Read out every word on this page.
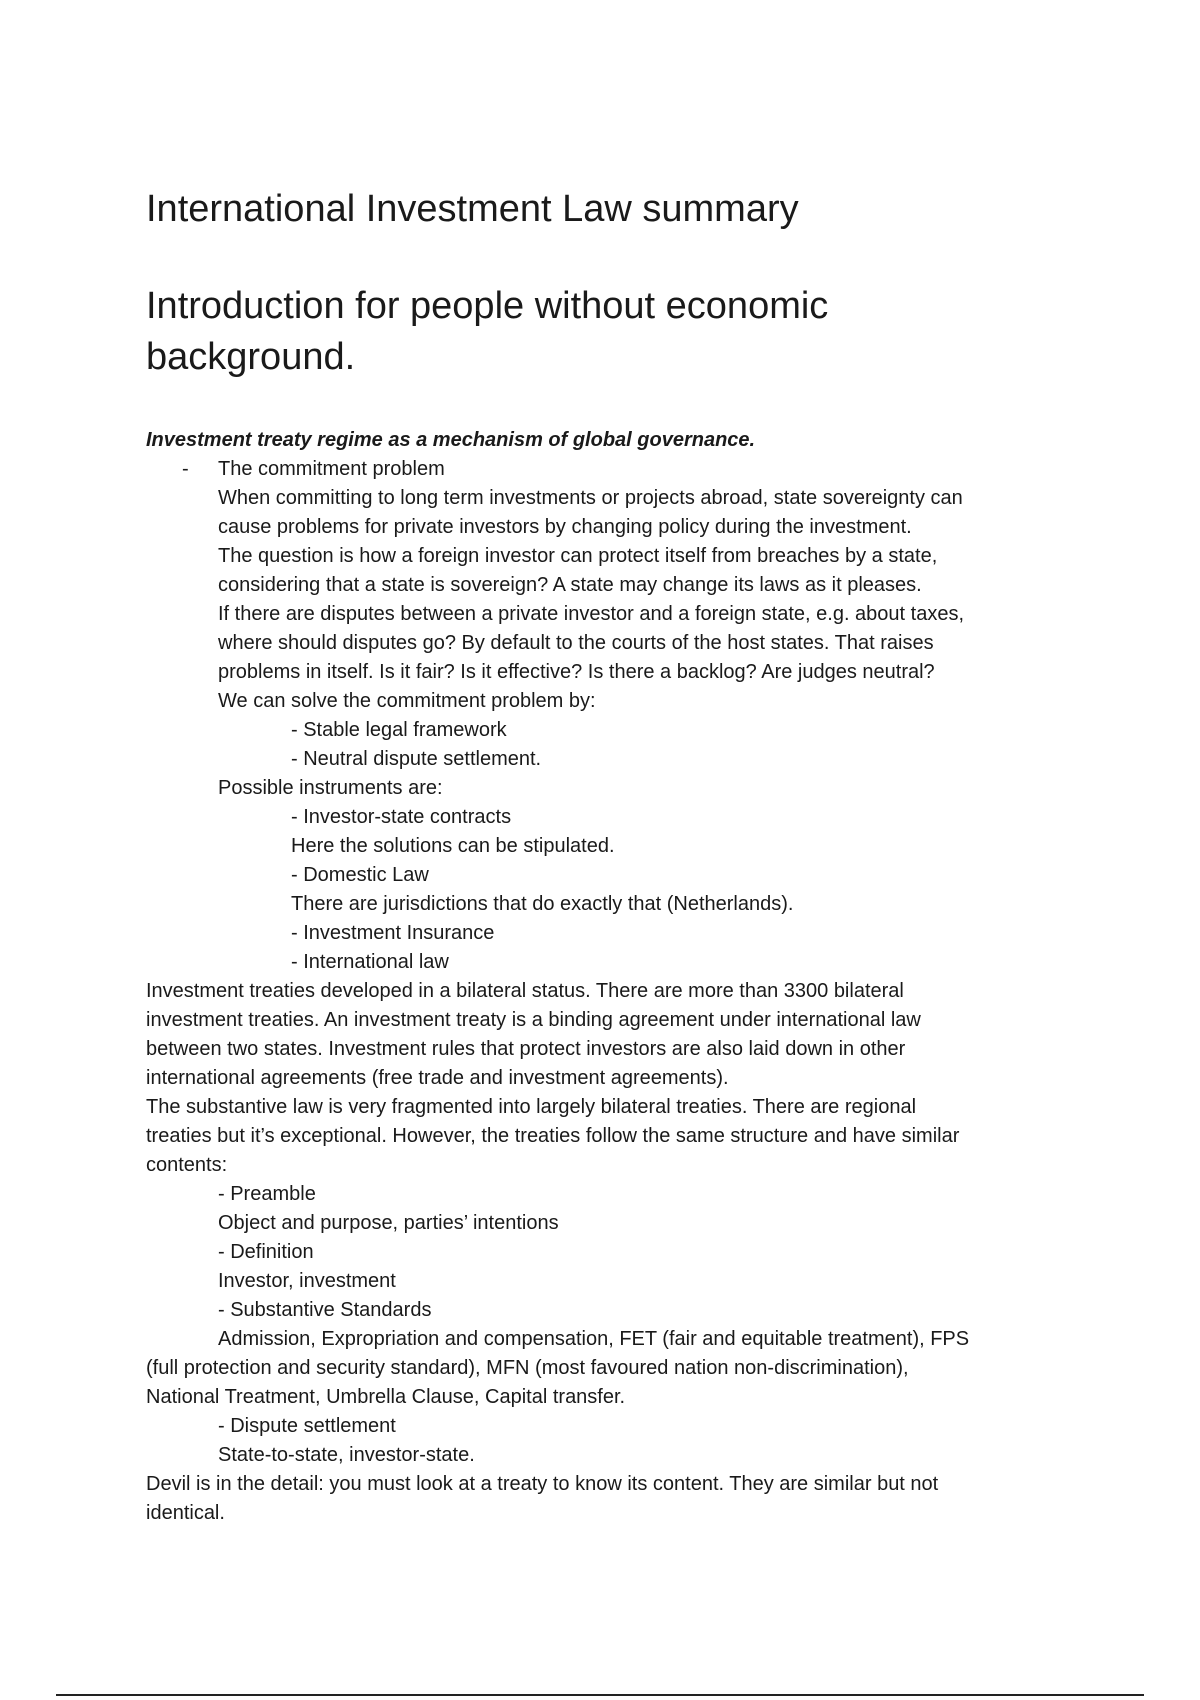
International Investment Law summary
Introduction for people without economic background.
Investment treaty regime as a mechanism of global governance.
- The commitment problem
When committing to long term investments or projects abroad, state sovereignty can
cause problems for private investors by changing policy during the investment.
The question is how a foreign investor can protect itself from breaches by a state,
considering that a state is sovereign? A state may change its laws as it pleases.
If there are disputes between a private investor and a foreign state, e.g. about taxes,
where should disputes go? By default to the courts of the host states. That raises
problems in itself. Is it fair? Is it effective? Is there a backlog? Are judges neutral?
We can solve the commitment problem by:
- Stable legal framework
- Neutral dispute settlement.
Possible instruments are:
- Investor-state contracts
Here the solutions can be stipulated.
- Domestic Law
There are jurisdictions that do exactly that (Netherlands).
- Investment Insurance
- International law
Investment treaties developed in a bilateral status. There are more than 3300 bilateral
investment treaties. An investment treaty is a binding agreement under international law
between two states. Investment rules that protect investors are also laid down in other
international agreements (free trade and investment agreements).
The substantive law is very fragmented into largely bilateral treaties. There are regional
treaties but it’s exceptional. However, the treaties follow the same structure and have similar
contents:
- Preamble
Object and purpose, parties’ intentions
- Definition
Investor, investment
- Substantive Standards
Admission, Expropriation and compensation, FET (fair and equitable treatment), FPS
(full protection and security standard), MFN (most favoured nation non-discrimination),
National Treatment, Umbrella Clause, Capital transfer.
- Dispute settlement
State-to-state, investor-state.
Devil is in the detail: you must look at a treaty to know its content. They are similar but not
identical.
